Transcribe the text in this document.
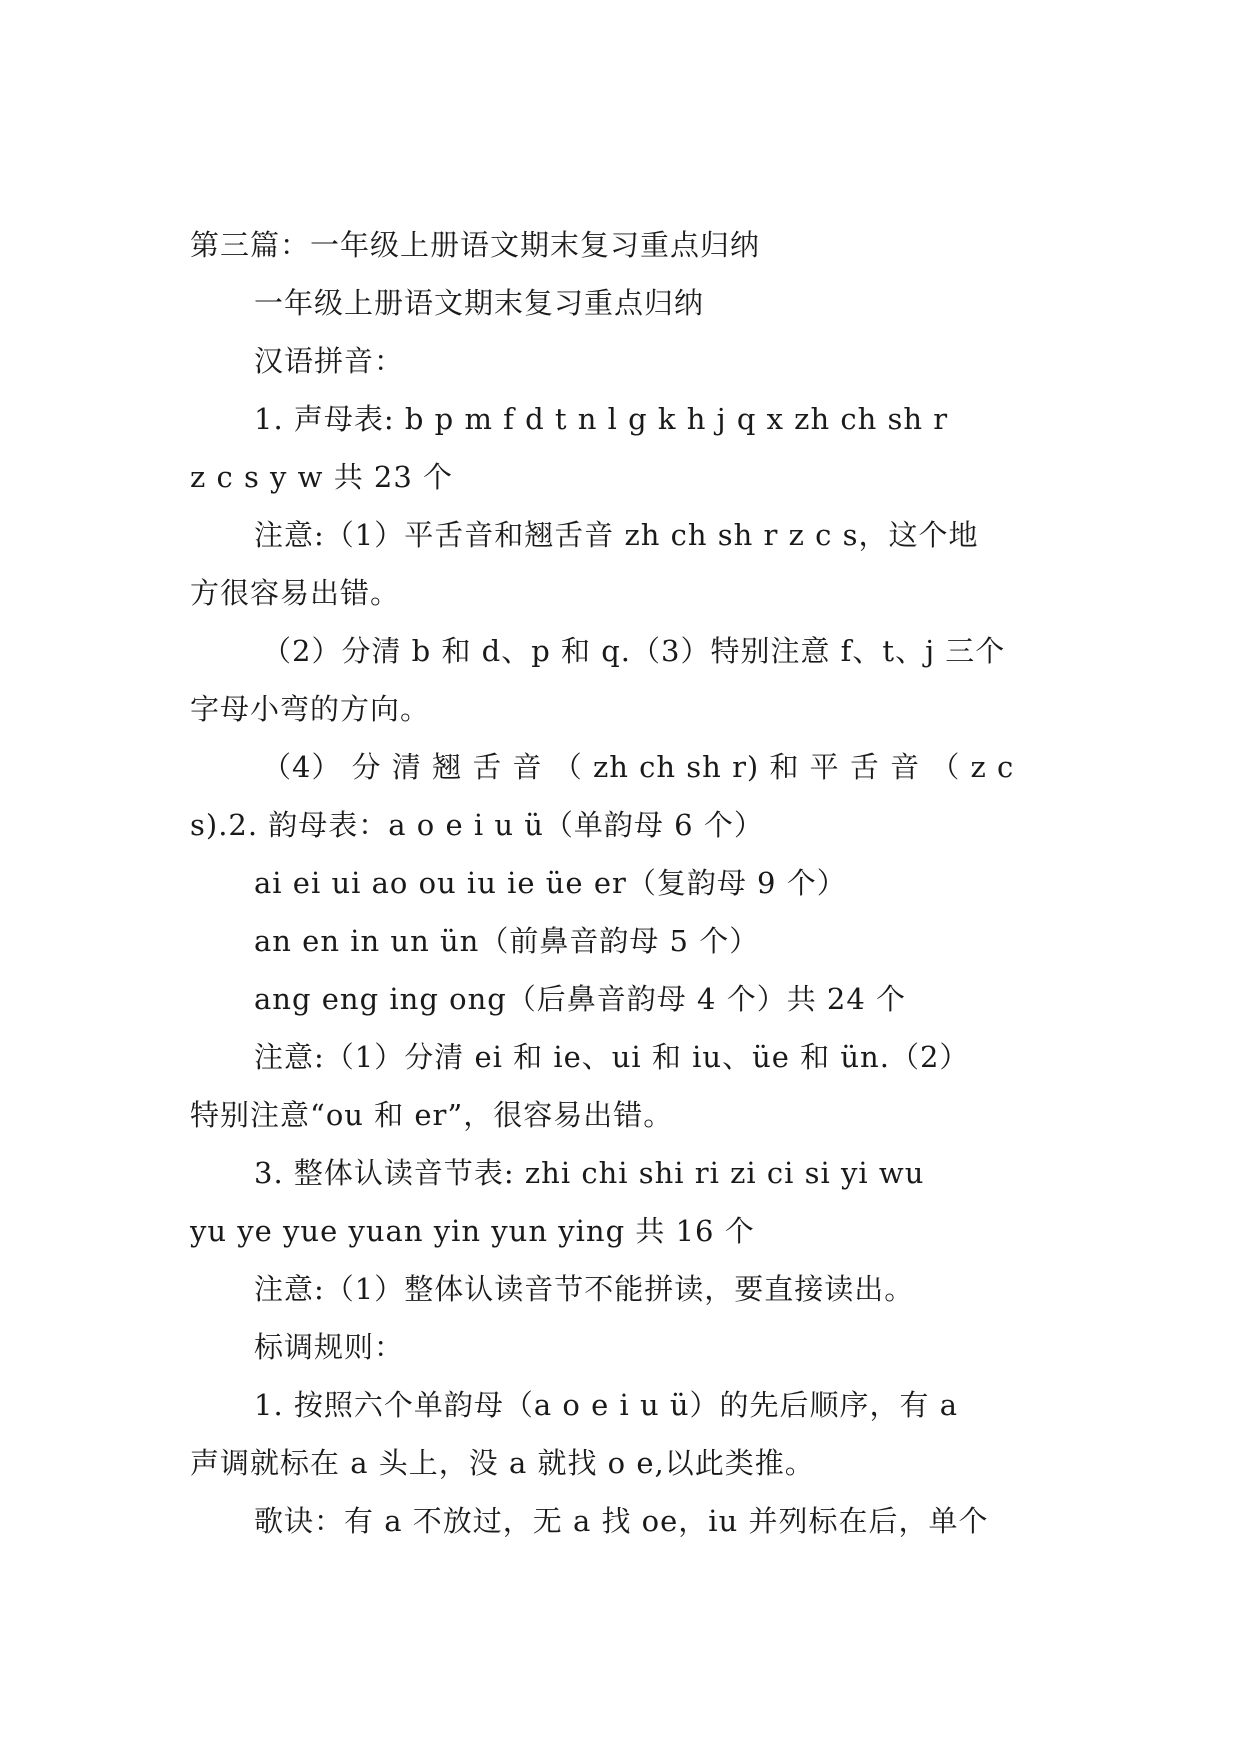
第三篇：一年级上册语文期末复习重点归纳
一年级上册语文期末复习重点归纳
汉语拼音：
1. 声母表: b p m f d t n l g k h j q x zh ch sh r
z c s y w 共 23 个
注意:（1）平舌音和翘舌音 zh ch sh r z c s，这个地
方很容易出错。
（2）分清 b 和 d、p 和 q.（3）特别注意 f、t、j 三个
字母小弯的方向。
（4） 分 清 翘 舌 音 （ zh ch sh r) 和 平 舌 音 （ z c
s).2. 韵母表：a o e i u ü（单韵母 6 个）
ai ei ui ao ou iu ie üe er（复韵母 9 个）
an en in un ün（前鼻音韵母 5 个）
ang eng ing ong（后鼻音韵母 4 个）共 24 个
注意:（1）分清 ei 和 ie、ui 和 iu、üe 和 ün.（2）
特别注意“ou 和 er”，很容易出错。
3. 整体认读音节表: zhi chi shi ri zi ci si yi wu
yu ye yue yuan yin yun ying 共 16 个
注意:（1）整体认读音节不能拼读，要直接读出。
标调规则：
1. 按照六个单韵母（a o e i u ü）的先后顺序，有 a
声调就标在 a 头上，没 a 就找 o e,以此类推。
歌诀：有 a 不放过，无 a 找 oe，iu 并列标在后，单个
